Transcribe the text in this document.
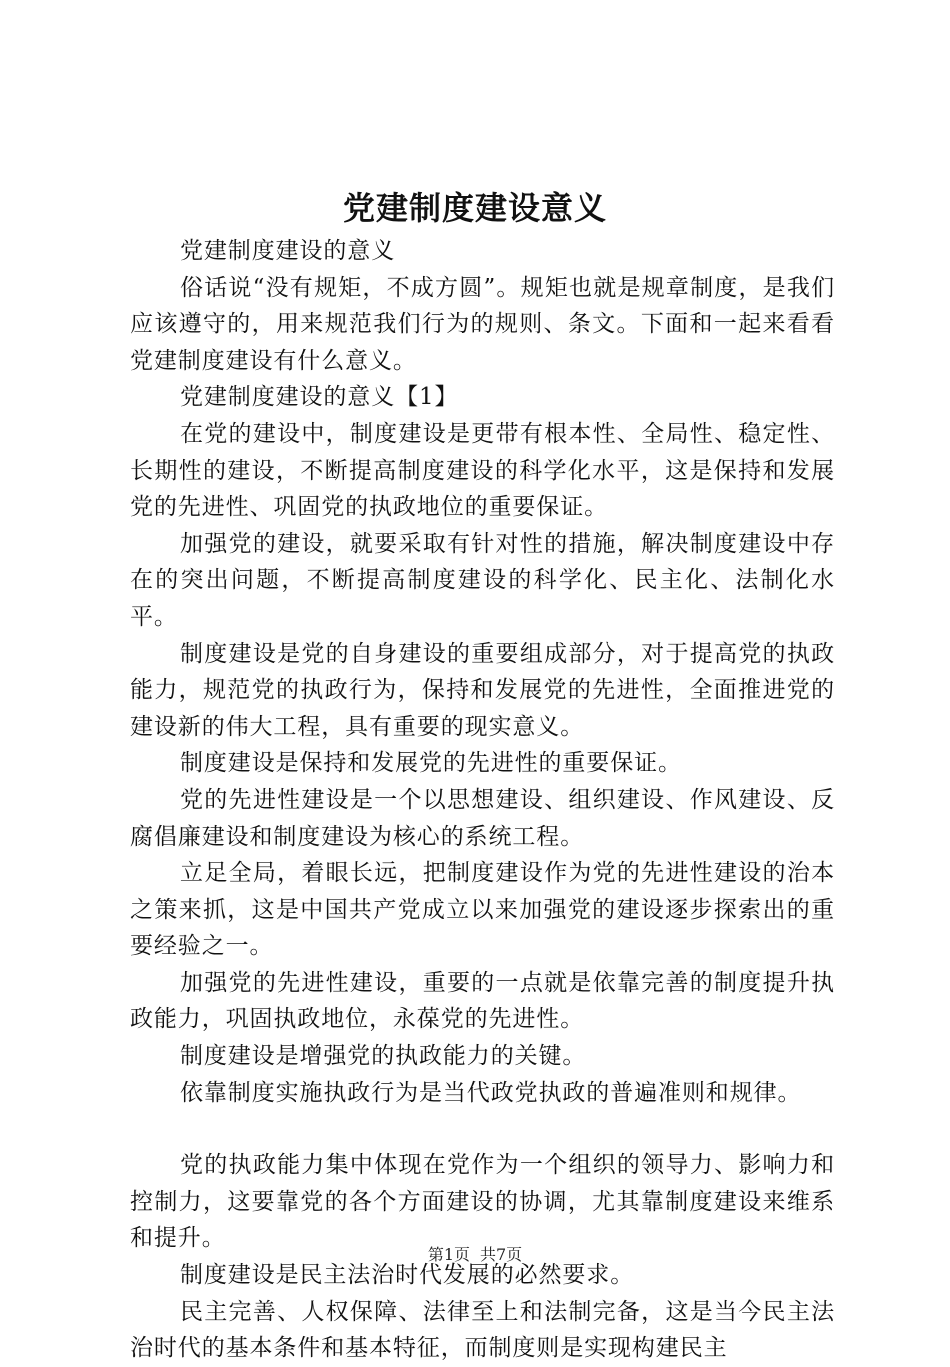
党建制度建设意义

党建制度建设的意义

俗话说“没有规矩，不成方圆”。规矩也就是规章制度，是我们应该遵守的，用来规范我们行为的规则、条文。下面和一起来看看党建制度建设有什么意义。

党建制度建设的意义【1】

在党的建设中，制度建设是更带有根本性、全局性、稳定性、长期性的建设，不断提高制度建设的科学化水平，这是保持和发展党的先进性、巩固党的执政地位的重要保证。

加强党的建设，就要采取有针对性的措施，解决制度建设中存在的突出问题，不断提高制度建设的科学化、民主化、法制化水平。

制度建设是党的自身建设的重要组成部分，对于提高党的执政能力，规范党的执政行为，保持和发展党的先进性，全面推进党的建设新的伟大工程，具有重要的现实意义。

制度建设是保持和发展党的先进性的重要保证。

党的先进性建设是一个以思想建设、组织建设、作风建设、反腐倡廉建设和制度建设为核心的系统工程。

立足全局，着眼长远，把制度建设作为党的先进性建设的治本之策来抓，这是中国共产党成立以来加强党的建设逐步探索出的重要经验之一。

加强党的先进性建设，重要的一点就是依靠完善的制度提升执政能力，巩固执政地位，永葆党的先进性。

制度建设是增强党的执政能力的关键。

依靠制度实施执政行为是当代政党执政的普遍准则和规律。

党的执政能力集中体现在党作为一个组织的领导力、影响力和控制力，这要靠党的各个方面建设的协调，尤其靠制度建设来维系和提升。

制度建设是民主法治时代发展的必然要求。

民主完善、人权保障、法律至上和法制完备，这是当今民主法治时代的基本条件和基本特征，而制度则是实现构建民主

第1页 共7页
